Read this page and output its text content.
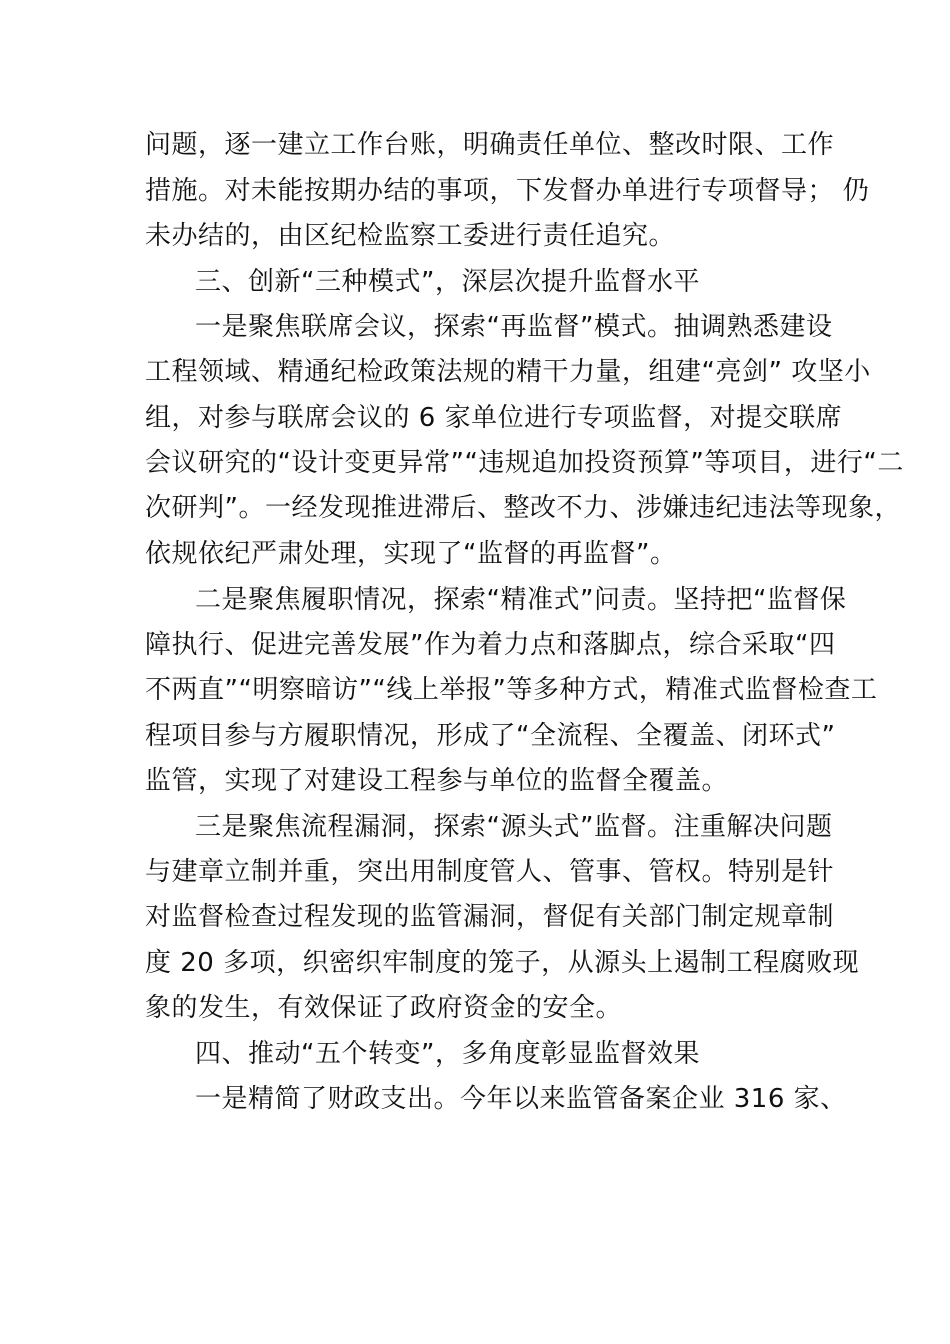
问题，逐一建立工作台账，明确责任单位、整改时限、工作
措施。对未能按期办结的事项，下发督办单进行专项督导； 仍
未办结的，由区纪检监察工委进行责任追究。
三、创新“三种模式”，深层次提升监督水平
一是聚焦联席会议，探索“再监督”模式。抽调熟悉建设
工程领域、精通纪检政策法规的精干力量，组建“亮剑” 攻坚小
组，对参与联席会议的 6 家单位进行专项监督，对提交联席
会议研究的“设计变更异常”“违规追加投资预算”等项目，进行“二
次研判”。一经发现推进滞后、整改不力、涉嫌违纪违法等现象，
依规依纪严肃处理，实现了“监督的再监督”。
二是聚焦履职情况，探索“精准式”问责。坚持把“监督保
障执行、促进完善发展”作为着力点和落脚点，综合采取“四
不两直”“明察暗访”“线上举报”等多种方式，精准式监督检查工
程项目参与方履职情况，形成了“全流程、全覆盖、闭环式”
监管，实现了对建设工程参与单位的监督全覆盖。
三是聚焦流程漏洞，探索“源头式”监督。注重解决问题
与建章立制并重，突出用制度管人、管事、管权。特别是针
对监督检查过程发现的监管漏洞，督促有关部门制定规章制
度 20 多项，织密织牢制度的笼子，从源头上遏制工程腐败现
象的发生，有效保证了政府资金的安全。
四、推动“五个转变”，多角度彰显监督效果
一是精简了财政支出。今年以来监管备案企业 316 家、
